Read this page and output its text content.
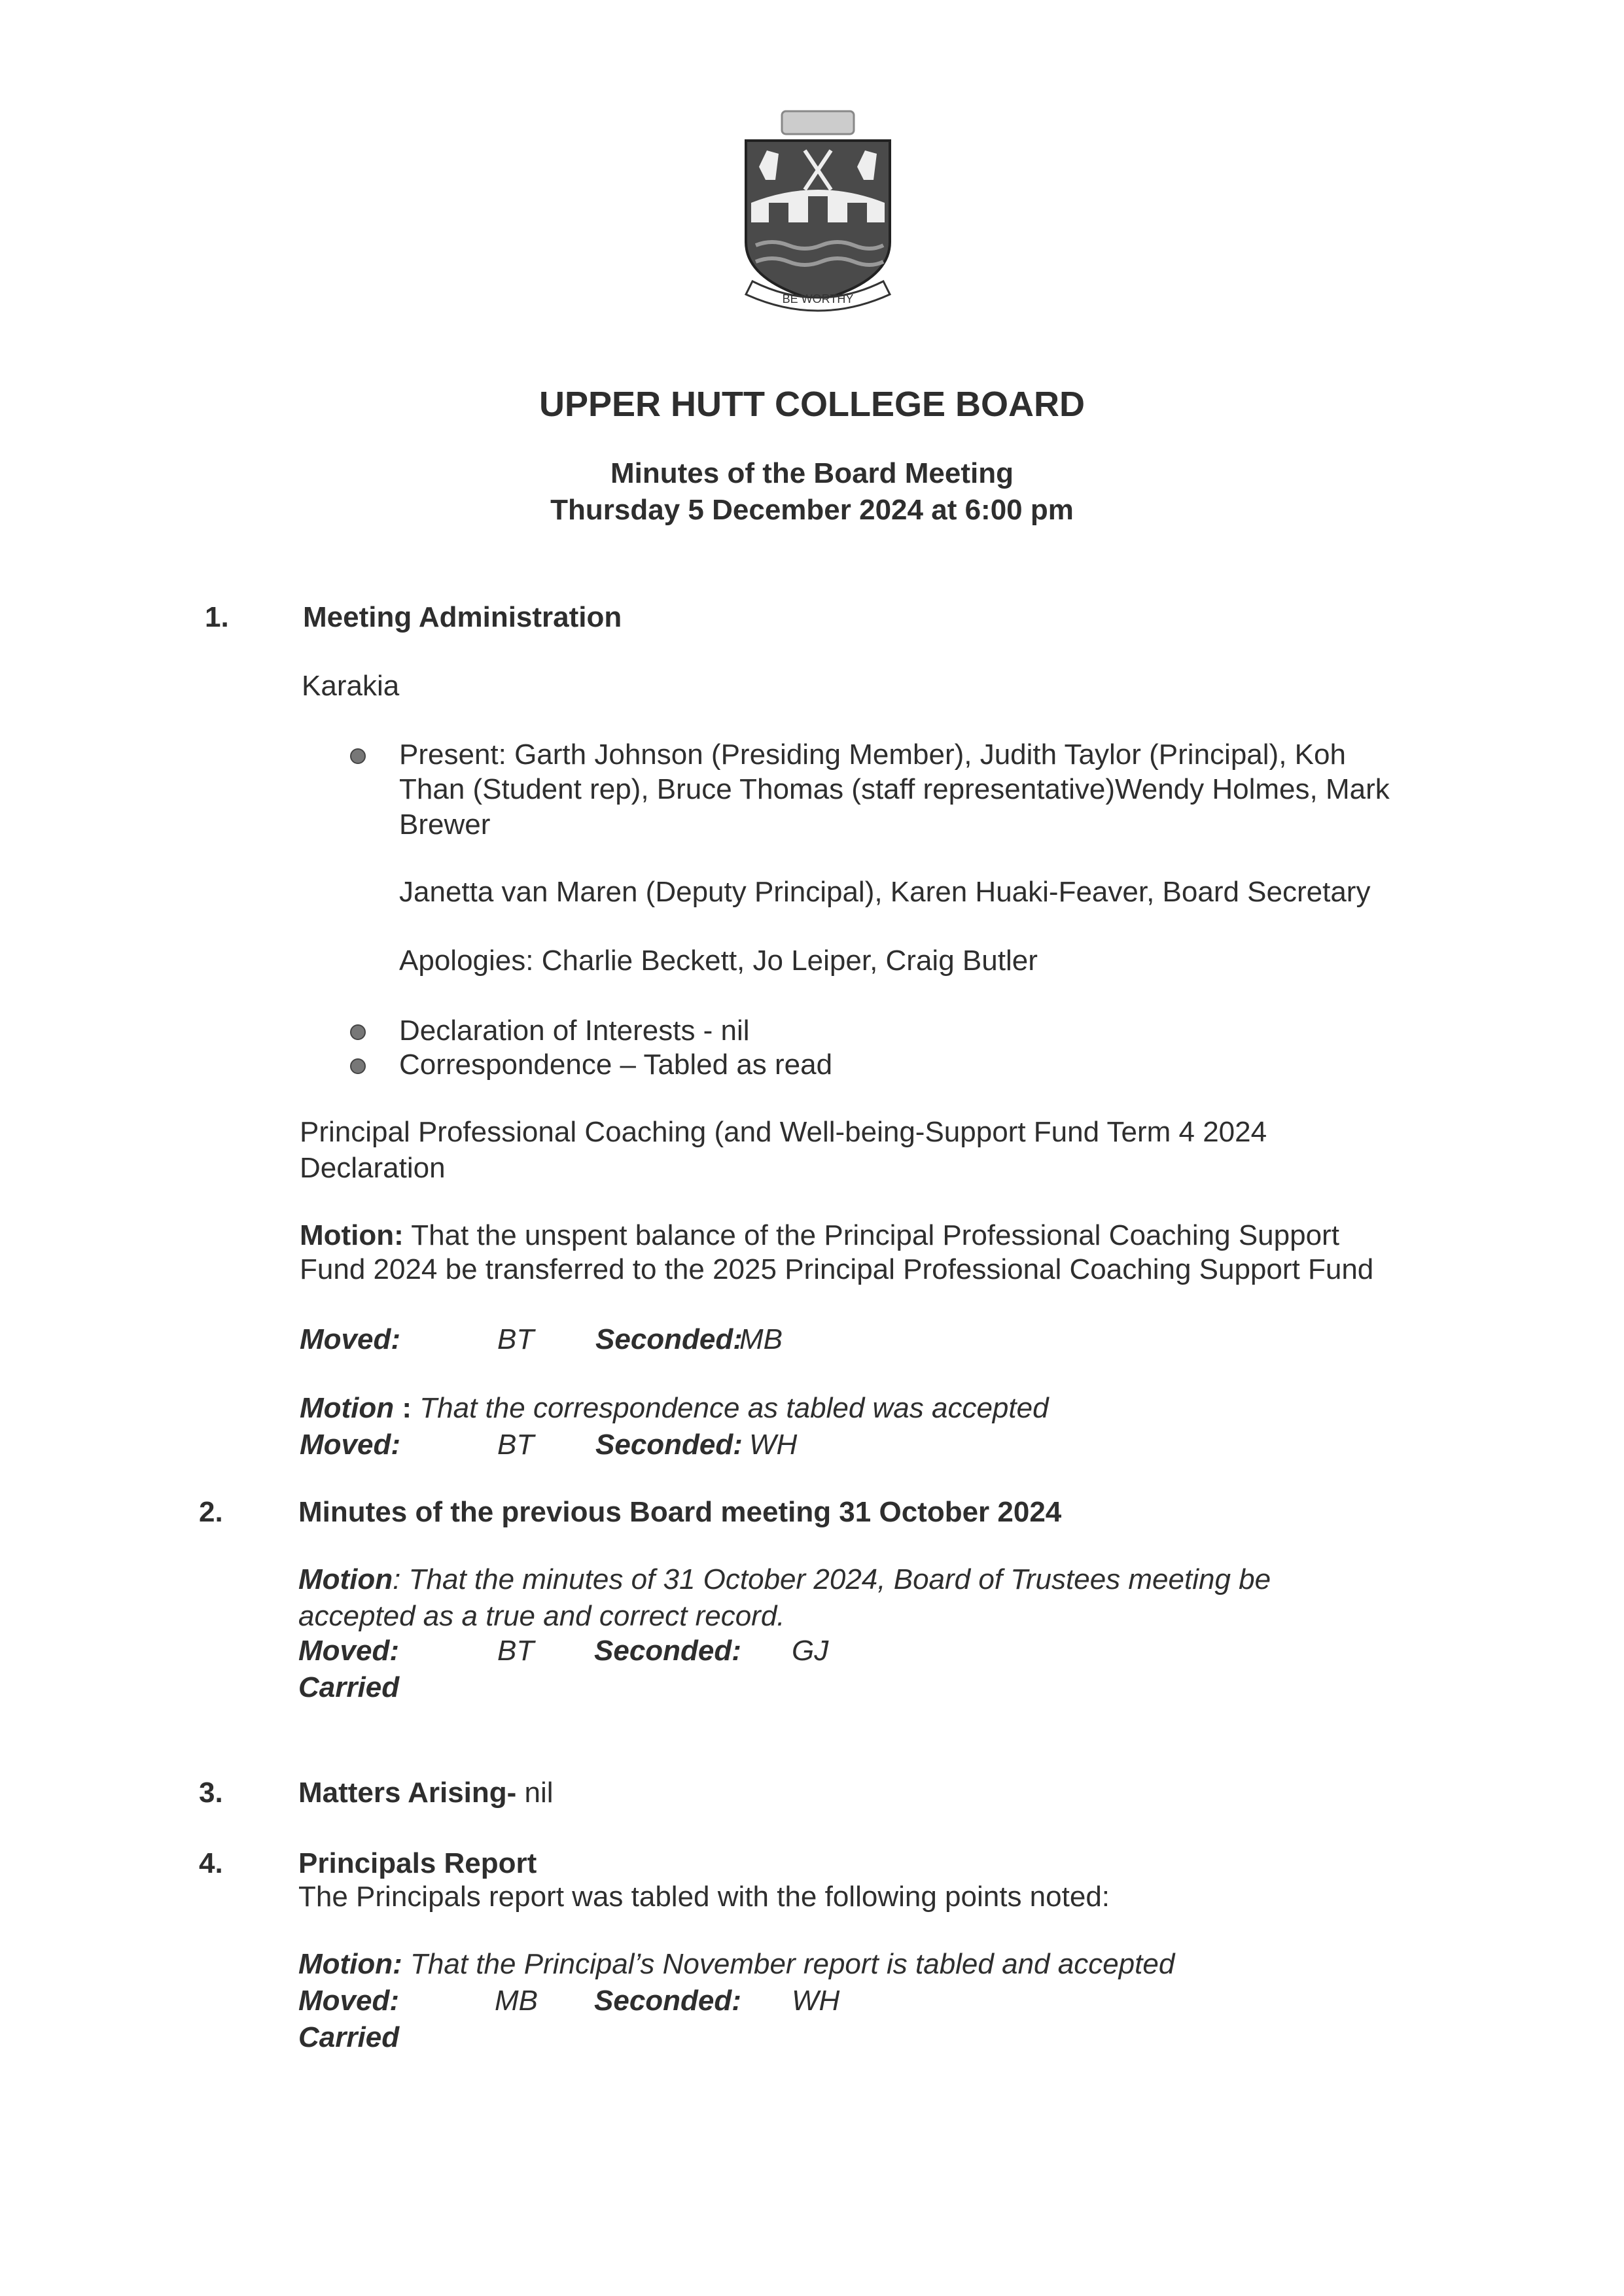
BE WORTHY
UPPER HUTT COLLEGE BOARD
Minutes of the Board Meeting
Thursday 5 December 2024 at 6:00 pm
1.	Meeting Administration
Karakia
Present: Garth Johnson (Presiding Member), Judith Taylor (Principal), Koh
Than (Student rep), Bruce Thomas (staff representative)Wendy Holmes, Mark
Brewer
Janetta van Maren (Deputy Principal), Karen Huaki-Feaver, Board Secretary
Apologies: Charlie Beckett, Jo Leiper, Craig Butler
Declaration of Interests - nil
Correspondence – Tabled as read
Principal Professional Coaching (and Well-being-Support Fund Term 4 2024
Declaration
Motion: That the unspent balance of the Principal Professional Coaching Support
Fund 2024 be transferred to the 2025 Principal Professional Coaching Support Fund
Moved:	BT Seconded:
MB
Motion : That the correspondence as tabled was accepted
Moved:	BT Seconded: WH
2.	Minutes of the previous Board meeting 31 October 2024
Motion: That the minutes of 31 October 2024, Board of Trustees meeting be
accepted as a true and correct record.
Moved:	BT Seconded: GJ
Carried
3.	Matters Arising- nil
4.	Principals Report
The Principals report was tabled with the following points noted:
Motion: That the Principal’s November report is tabled and accepted
Moved:	MB Seconded: WH
Carried
